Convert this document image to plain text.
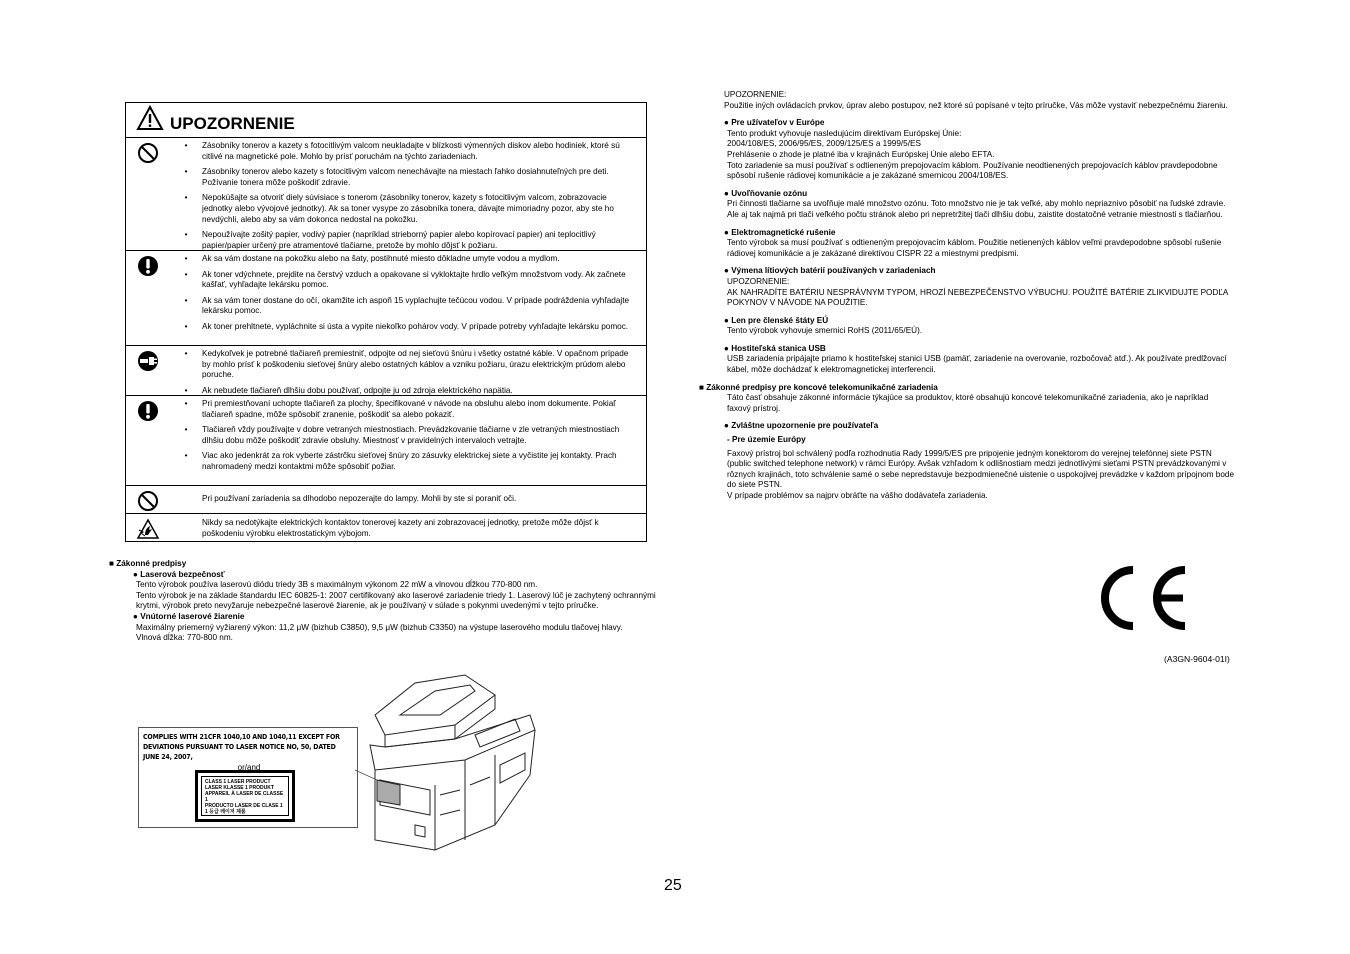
UPOZORNENIE
•	Zásobníky tonerov a kazety s fotocitlivým valcom neukladajte v blízkosti výmenných diskov alebo hodiniek, ktoré sú citlivé na magnetické pole. Mohlo by prísť poruchám na týchto zariadeniach.
•	Zásobníky tonerov alebo kazety s fotocitlivým valcom nenechávajte na miestach ľahko dosiahnuteľných pre deti. Požívanie tonera môže poškodiť zdravie.
•	Nepokúšajte sa otvoriť diely súvisiace s tonerom (zásobníky tonerov, kazety s fotocitlivým valcom, zobrazovacie jednotky alebo vývojové jednotky). Ak sa toner vysype zo zásobníka tonera, dávajte mimoriadny pozor, aby ste ho nevdýchli, alebo aby sa vám dokonca nedostal na pokožku.
•	Nepoužívajte zošitý papier, vodivý papier (napríklad strieborný papier alebo kopírovací papier) ani teplocitlivý papier/papier určený pre atramentové tlačiarne, pretože by mohlo dôjsť k požiaru.
•	Ak sa vám dostane na pokožku alebo na šaty, postihnuté miesto dôkladne umyte vodou a mydlom.
•	Ak toner vdýchnete, prejdite na čerstvý vzduch a opakovane si vykloktajte hrdlo veľkým množstvom vody. Ak začnete kašľať, vyhľadajte lekársku pomoc.
•	Ak sa vám toner dostane do očí, okamžite ich aspoň 15 vyplachujte tečúcou vodou. V prípade podráždenia vyhľadajte lekársku pomoc.
•	Ak toner prehltnete, vypláchnite si ústa a vypite niekoľko pohárov vody. V prípade potreby vyhľadajte lekársku pomoc.
•	Kedykoľvek je potrebné tlačiareň premiestniť, odpojte od nej sieťovú šnúru i všetky ostatné káble. V opačnom prípade by mohlo prísť k poškodeniu sieťovej šnúry alebo ostatných káblov a vzniku požiaru, úrazu elektrickým prúdom alebo poruche.
•	Ak nebudete tlačiareň dlhšiu dobu používať, odpojte ju od zdroja elektrického napätia.
•	Pri premiestňovaní uchopte tlačiareň za plochy, špecifikované v návode na obsluhu alebo inom dokumente. Pokiaľ tlačiareň spadne, môže spôsobiť zranenie, poškodiť sa alebo pokaziť.
•	Tlačiareň vždy používajte v dobre vetraných miestnostiach. Prevádzkovanie tlačiarne v zle vetraných miestnostiach dlhšiu dobu môže poškodiť zdravie obsluhy. Miestnosť v pravidelných intervaloch vetrajte.
•	Viac ako jedenkrát za rok vyberte zástrčku sieťovej šnúry zo zásuvky elektrickej siete a vyčistite jej kontakty. Prach nahromadený medzi kontaktmi môže spôsobiť požiar.
Pri používaní zariadenia sa dlhodobo nepozerajte do lampy. Mohli by ste si poraniť oči.
Nikdy sa nedotýkajte elektrických kontaktov tonerovej kazety ani zobrazovacej jednotky, pretože môže dôjsť k poškodeniu výrobku elektrostatickým výbojom.
■ Zákonné predpisy
● Laserová bezpečnosť
Tento výrobok používa laserovú diódu triedy 3B s maximálnym výkonom 22 mW a vlnovou dĺžkou 770-800 nm.
Tento výrobok je na základe štandardu IEC 60825-1: 2007 certifikovaný ako laserové zariadenie triedy 1. Laserový lúč je zachytený ochrannými krytmi, výrobok preto nevyžaruje nebezpečné laserové žiarenie, ak je používaný v súlade s pokynmi uvedenými v tejto príručke.
● Vnútorné laserové žiarenie
Maximálny priemerný vyžiarený výkon: 11,2 μW (bizhub C3850), 9,5 μW (bizhub C3350) na výstupe laserového modulu tlačovej hlavy.
Vlnová dĺžka: 770-800 nm.
COMPLIES WITH 21CFR 1040,10 AND 1040,11 EXCEPT FOR
DEVIATIONS PURSUANT TO LASER NOTICE NO, 50, DATED JUNE 24, 2007,
or/and
CLASS 1 LASER PRODUCT
LASER KLASSE 1 PRODUKT
APPAREIL À LASER DE CLASSE 1
PRODUCTO LASER DE CLASE 1
1 등급 레이저 제품

UPOZORNENIE:

Použitie iných ovládacích prvkov, úprav alebo postupov, než ktoré sú popísané v tejto príručke, Vás môže vystaviť nebezpečnému žiareniu.

● Pre užívateľov v Európe

Tento produkt vyhovuje nasledujúcim direktívam Európskej Únie:

2004/108/ES, 2006/95/ES, 2009/125/ES a 1999/5/ES

Prehlásenie o zhode je platné iba v krajinách Európskej Únie alebo EFTA.

Toto zariadenie sa musí používať s odtieneným prepojovacím káblom. Používanie neodtienených prepojovacích káblov pravdepodobne spôsobí rušenie rádiovej komunikácie a je zakázané smernicou 2004/108/ES.

● Uvoľňovanie ozónu

Pri činnosti tlačiarne sa uvoľňuje malé množstvo ozónu. Toto množstvo nie je tak veľké, aby mohlo nepriaznivo pôsobiť na ľudské zdravie. Ale aj tak najmä pri tlači veľkého počtu stránok alebo pri nepretržitej tlači dlhšiu dobu, zaistite dostatočné vetranie miestnosti s tlačiarňou.

● Elektromagnetické rušenie

Tento výrobok sa musí používať s odtieneným prepojovacím káblom. Použitie netienených káblov veľmi pravdepodobne spôsobí rušenie rádiovej komunikácie a je zakázané direktívou CISPR 22 a miestnymi predpismi.

● Výmena lítiových batérií používaných v zariadeniach

UPOZORNENIE:

AK NAHRADÍTE BATÉRIU NESPRÁVNYM TYPOM, HROZÍ NEBEZPEČENSTVO VÝBUCHU. POUŽITÉ BATÉRIE ZLIKVIDUJTE PODĽA POKYNOV V NÁVODE NA POUŽITIE.

● Len pre členské štáty EÚ

Tento výrobok vyhovuje smernici RoHS (2011/65/EÚ).

● Hostiteľská stanica USB

USB zariadenia pripájajte priamo k hostiteľskej stanici USB (pamäť, zariadenie na overovanie, rozbočovač atď.). Ak používate predlžovací kábel, môže dochádzať k elektromagnetickej interferencii.

■ Zákonné predpisy pre koncové telekomunikačné zariadenia

Táto časť obsahuje zákonné informácie týkajúce sa produktov, ktoré obsahujú koncové telekomunikačné zariadenia, ako je napríklad faxový prístroj.

● Zvláštne upozornenie pre používateľa

- Pre územie Európy

Faxový prístroj bol schválený podľa rozhodnutia Rady 1999/5/ES pre pripojenie jedným konektorom do verejnej telefónnej siete PSTN (public switched telephone network) v rámci Európy. Avšak vzhľadom k odlišnostiam medzi jednotlivými sieťami PSTN prevádzkovanými v rôznych krajinách, toto schválenie samé o sebe nepredstavuje bezpodmienečné uistenie o uspokojivej prevádzke v každom prípojnom bode do siete PSTN.

V prípade problémov sa najprv obráťte na vášho dodávateľa zariadenia.

(A3GN-9604-01I)
25
